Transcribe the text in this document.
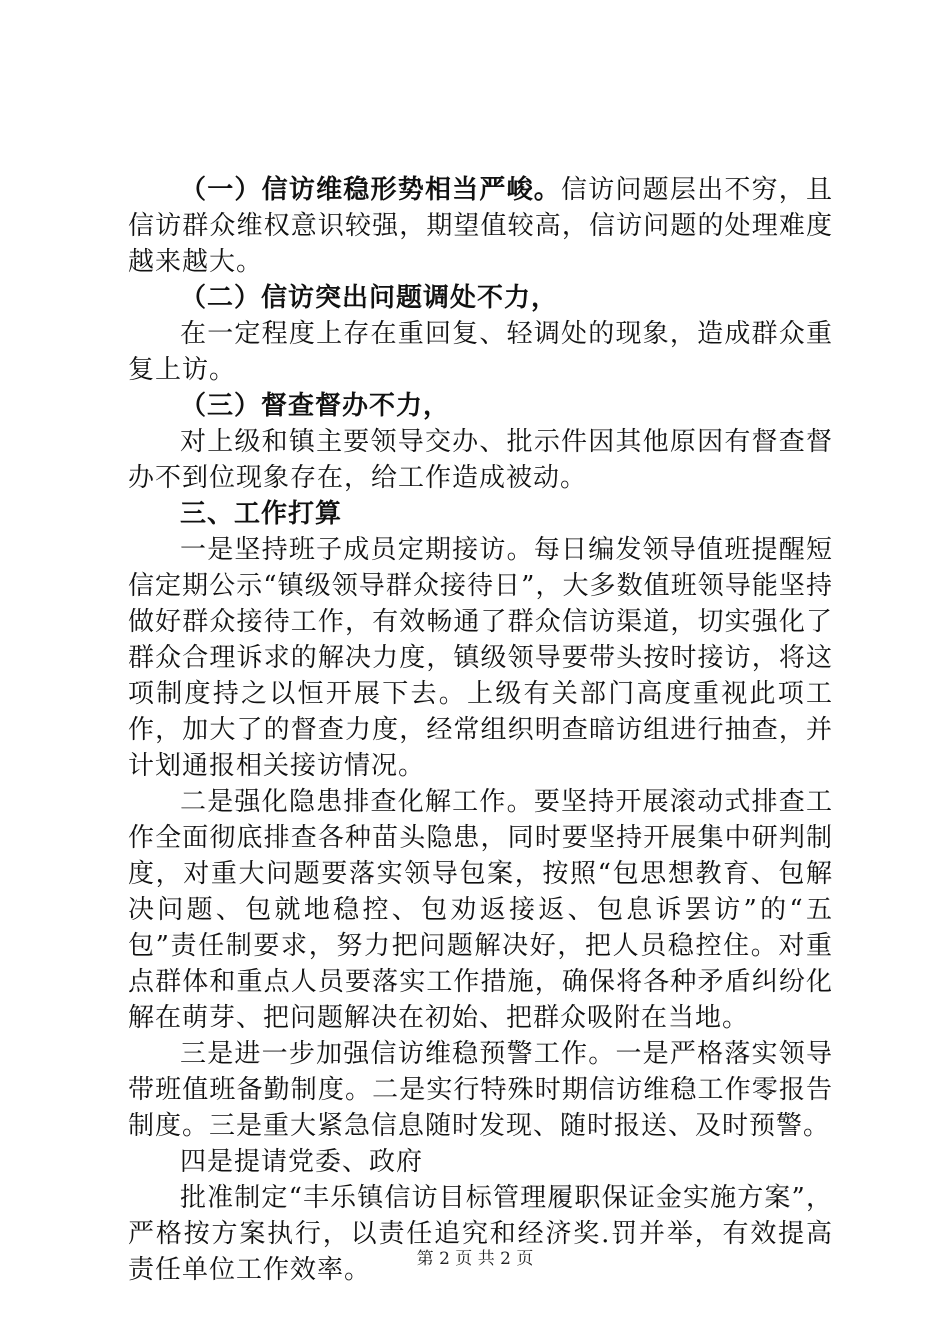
（一）信访维稳形势相当严峻。信访问题层出不穷，且信访群众维权意识较强，期望值较高，信访问题的处理难度越来越大。

（二）信访突出问题调处不力，

在一定程度上存在重回复、轻调处的现象，造成群众重复上访。

（三）督查督办不力，

对上级和镇主要领导交办、批示件因其他原因有督查督办不到位现象存在，给工作造成被动。

三、工作打算

一是坚持班子成员定期接访。每日编发领导值班提醒短信定期公示“镇级领导群众接待日”，大多数值班领导能坚持做好群众接待工作，有效畅通了群众信访渠道，切实强化了群众合理诉求的解决力度，镇级领导要带头按时接访，将这项制度持之以恒开展下去。上级有关部门高度重视此项工作，加大了的督查力度，经常组织明查暗访组进行抽查，并计划通报相关接访情况。

二是强化隐患排查化解工作。要坚持开展滚动式排查工作全面彻底排查各种苗头隐患，同时要坚持开展集中研判制度，对重大问题要落实领导包案，按照“包思想教育、包解决问题、包就地稳控、包劝返接返、包息诉罢访”的“五包”责任制要求，努力把问题解决好，把人员稳控住。对重点群体和重点人员要落实工作措施，确保将各种矛盾纠纷化解在萌芽、把问题解决在初始、把群众吸附在当地。

三是进一步加强信访维稳预警工作。一是严格落实领导带班值班备勤制度。二是实行特殊时期信访维稳工作零报告制度。三是重大紧急信息随时发现、随时报送、及时预警。

四是提请党委、政府

批准制定“丰乐镇信访目标管理履职保证金实施方案”，严格按方案执行，以责任追究和经济奖.罚并举，有效提高责任单位工作效率。	第 2 页 共 2 页
